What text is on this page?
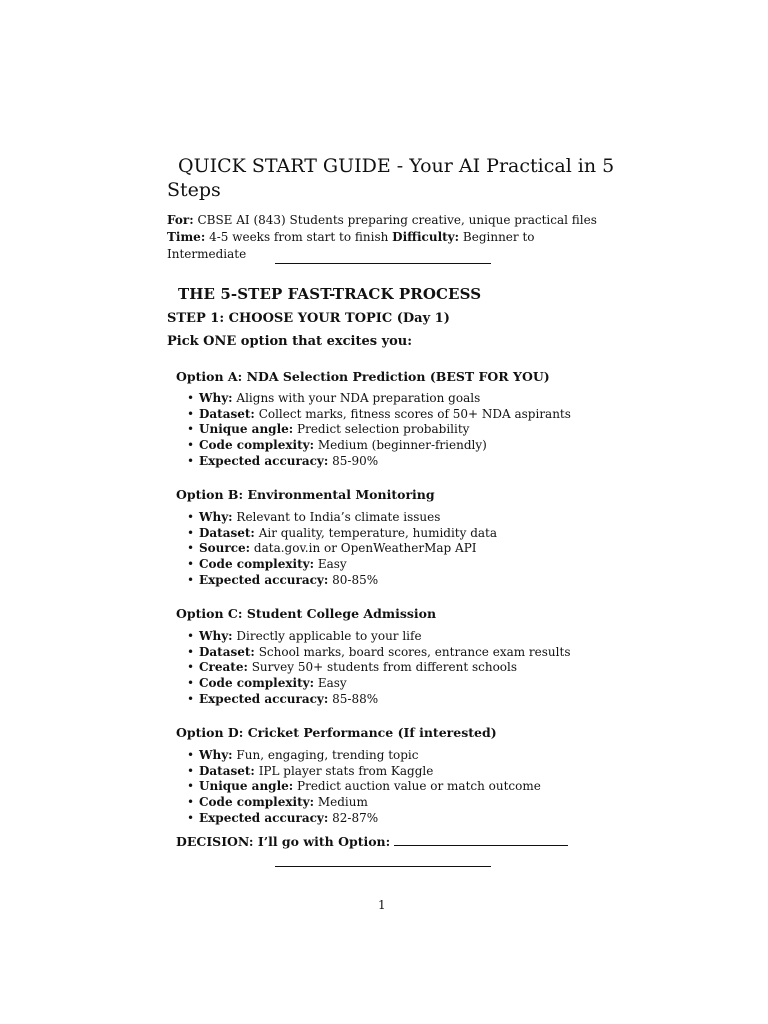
QUICK START GUIDE - Your AI Practical in 5 Steps
For: CBSE AI (843) Students preparing creative, unique practical files Time: 4-5 weeks from start to finish Difficulty: Beginner to Intermediate
THE 5-STEP FAST-TRACK PROCESS
STEP 1: CHOOSE YOUR TOPIC (Day 1)
Pick ONE option that excites you:
Option A: NDA Selection Prediction (BEST FOR YOU)
• Why: Aligns with your NDA preparation goals
• Dataset: Collect marks, fitness scores of 50+ NDA aspirants
• Unique angle: Predict selection probability
• Code complexity: Medium (beginner-friendly)
• Expected accuracy: 85-90%
Option B: Environmental Monitoring
• Why: Relevant to India’s climate issues
• Dataset: Air quality, temperature, humidity data
• Source: data.gov.in or OpenWeatherMap API
• Code complexity: Easy
• Expected accuracy: 80-85%
Option C: Student College Admission
• Why: Directly applicable to your life
• Dataset: School marks, board scores, entrance exam results
• Create: Survey 50+ students from different schools
• Code complexity: Easy
• Expected accuracy: 85-88%
Option D: Cricket Performance (If interested)
• Why: Fun, engaging, trending topic
• Dataset: IPL player stats from Kaggle
• Unique angle: Predict auction value or match outcome
• Code complexity: Medium
• Expected accuracy: 82-87%
DECISION: I’ll go with Option:
1
